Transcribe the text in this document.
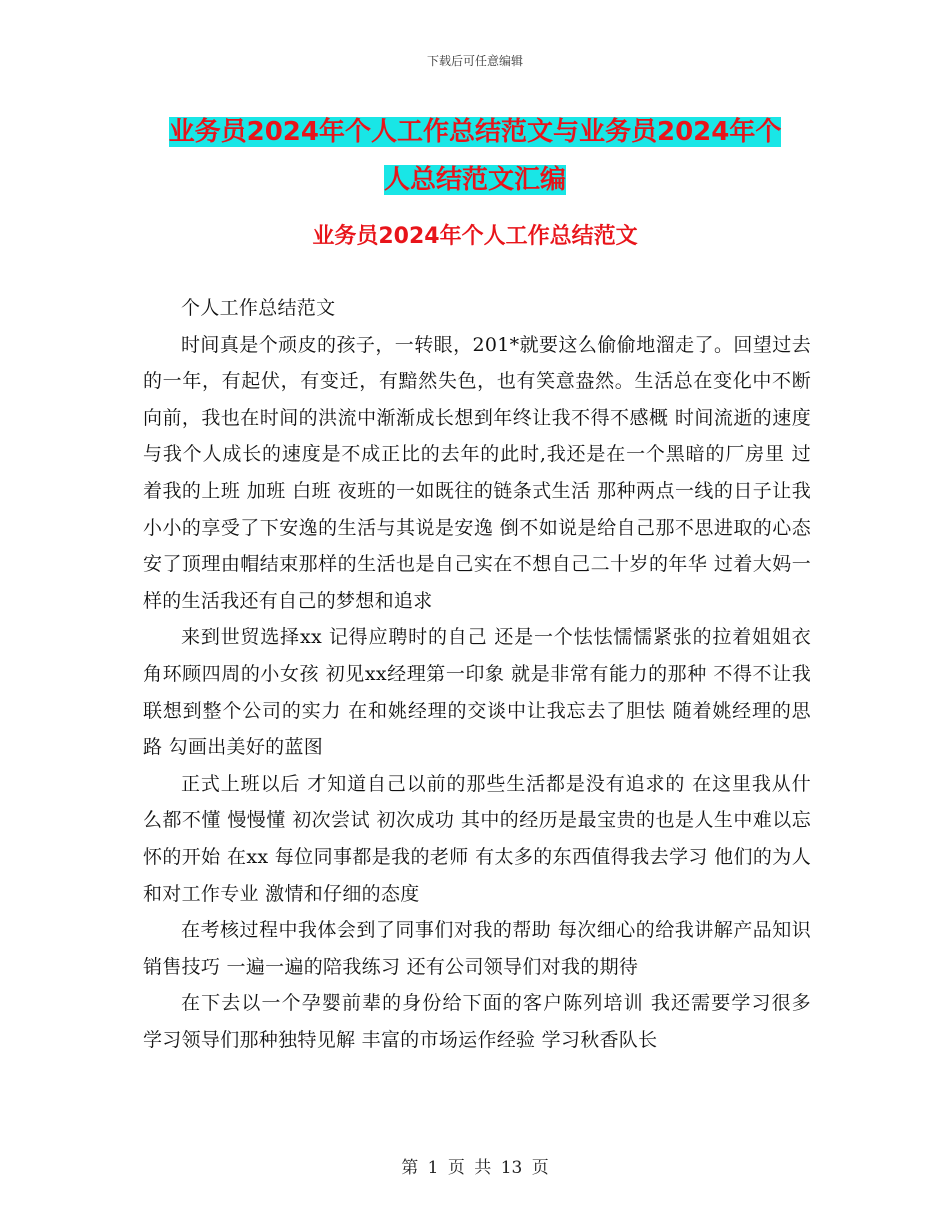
下载后可任意编辑
业务员2024年个人工作总结范文与业务员2024年个
人总结范文汇编
业务员2024年个人工作总结范文

个人工作总结范文

时间真是个顽皮的孩子，一转眼，201*就要这么偷偷地溜走了。回望过去的一年，有起伏，有变迁，有黯然失色，也有笑意盎然。生活总在变化中不断向前，我也在时间的洪流中渐渐成长想到年终让我不得不感概 时间流逝的速度与我个人成长的速度是不成正比的去年的此时,我还是在一个黑暗的厂房里 过着我的上班 加班 白班 夜班的一如既往的链条式生活 那种两点一线的日子让我小小的享受了下安逸的生活与其说是安逸 倒不如说是给自己那不思进取的心态安了顶理由帽结束那样的生活也是自己实在不想自己二十岁的年华 过着大妈一样的生活我还有自己的梦想和追求

来到世贸选择xx 记得应聘时的自己 还是一个怯怯懦懦紧张的拉着姐姐衣角环顾四周的小女孩 初见xx经理第一印象 就是非常有能力的那种 不得不让我联想到整个公司的实力 在和姚经理的交谈中让我忘去了胆怯 随着姚经理的思路 勾画出美好的蓝图

正式上班以后 才知道自己以前的那些生活都是没有追求的 在这里我从什么都不懂 慢慢懂 初次尝试 初次成功 其中的经历是最宝贵的也是人生中难以忘怀的开始 在xx 每位同事都是我的老师 有太多的东西值得我去学习 他们的为人 和对工作专业 激情和仔细的态度

在考核过程中我体会到了同事们对我的帮助 每次细心的给我讲解产品知识销售技巧 一遍一遍的陪我练习 还有公司领导们对我的期待

在下去以一个孕婴前辈的身份给下面的客户陈列培训 我还需要学习很多 学习领导们那种独特见解 丰富的市场运作经验 学习秋香队长

第 1 页 共 13 页
